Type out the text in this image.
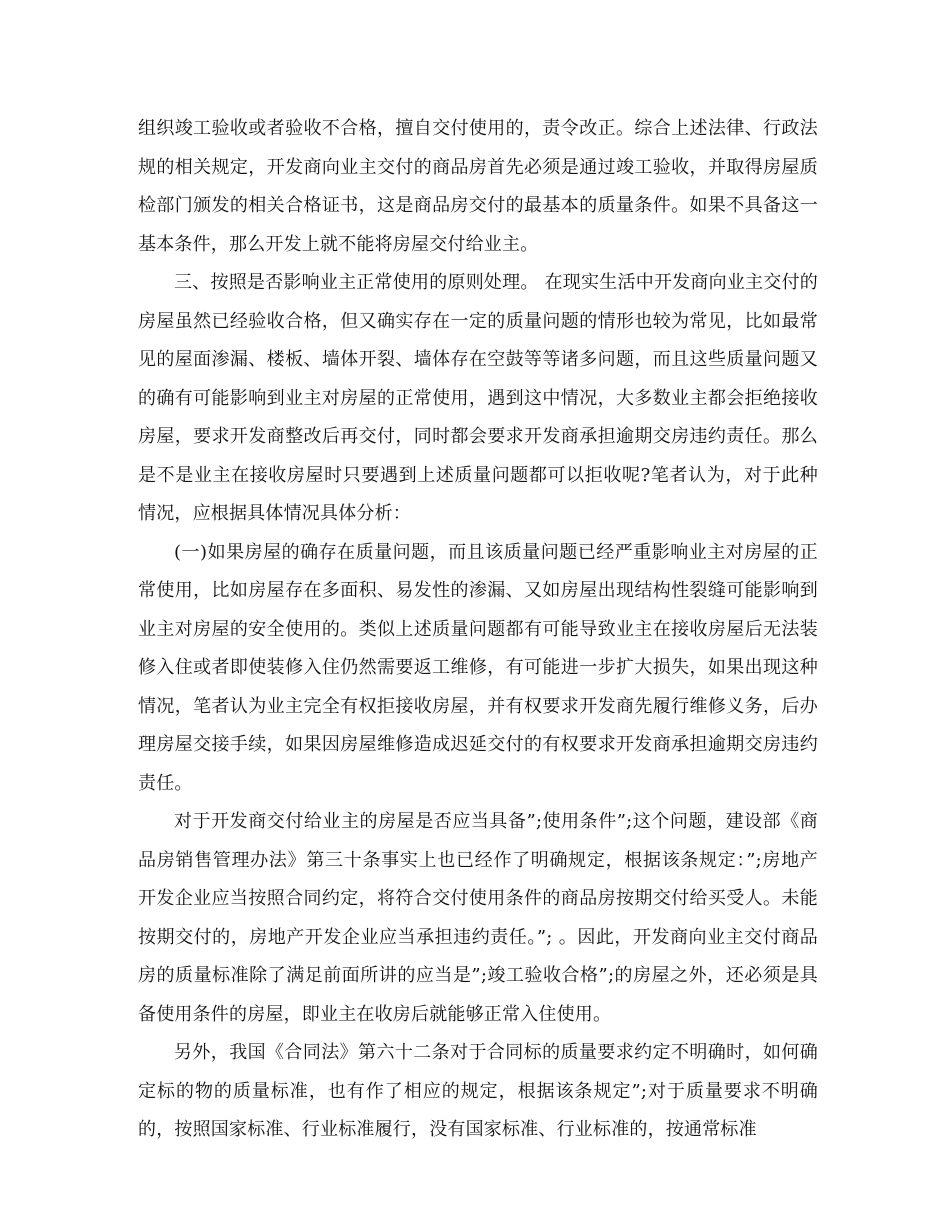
组织竣工验收或者验收不合格，擅自交付使用的，责令改正。综合上述法律、行政法规的相关规定，开发商向业主交付的商品房首先必须是通过竣工验收，并取得房屋质检部门颁发的相关合格证书，这是商品房交付的最基本的质量条件。如果不具备这一基本条件，那么开发上就不能将房屋交付给业主。

三、按照是否影响业主正常使用的原则处理。 在现实生活中开发商向业主交付的房屋虽然已经验收合格，但又确实存在一定的质量问题的情形也较为常见，比如最常见的屋面渗漏、楼板、墙体开裂、墙体存在空鼓等等诸多问题，而且这些质量问题又的确有可能影响到业主对房屋的正常使用，遇到这中情况，大多数业主都会拒绝接收房屋，要求开发商整改后再交付，同时都会要求开发商承担逾期交房违约责任。那么是不是业主在接收房屋时只要遇到上述质量问题都可以拒收呢?笔者认为，对于此种情况，应根据具体情况具体分析：

(一)如果房屋的确存在质量问题，而且该质量问题已经严重影响业主对房屋的正常使用，比如房屋存在多面积、易发性的渗漏、又如房屋出现结构性裂缝可能影响到业主对房屋的安全使用的。类似上述质量问题都有可能导致业主在接收房屋后无法装修入住或者即使装修入住仍然需要返工维修，有可能进一步扩大损失，如果出现这种情况，笔者认为业主完全有权拒接收房屋，并有权要求开发商先履行维修义务，后办理房屋交接手续，如果因房屋维修造成迟延交付的有权要求开发商承担逾期交房违约责任。

对于开发商交付给业主的房屋是否应当具备”;使用条件”;这个问题，建设部《商品房销售管理办法》第三十条事实上也已经作了明确规定，根据该条规定：”;房地产开发企业应当按照合同约定，将符合交付使用条件的商品房按期交付给买受人。未能按期交付的，房地产开发企业应当承担违约责任。”; 。因此，开发商向业主交付商品房的质量标准除了满足前面所讲的应当是”;竣工验收合格”;的房屋之外，还必须是具备使用条件的房屋，即业主在收房后就能够正常入住使用。

另外，我国《合同法》第六十二条对于合同标的质量要求约定不明确时，如何确定标的物的质量标准，也有作了相应的规定，根据该条规定”;对于质量要求不明确的，按照国家标准、行业标准履行，没有国家标准、行业标准的，按通常标准
